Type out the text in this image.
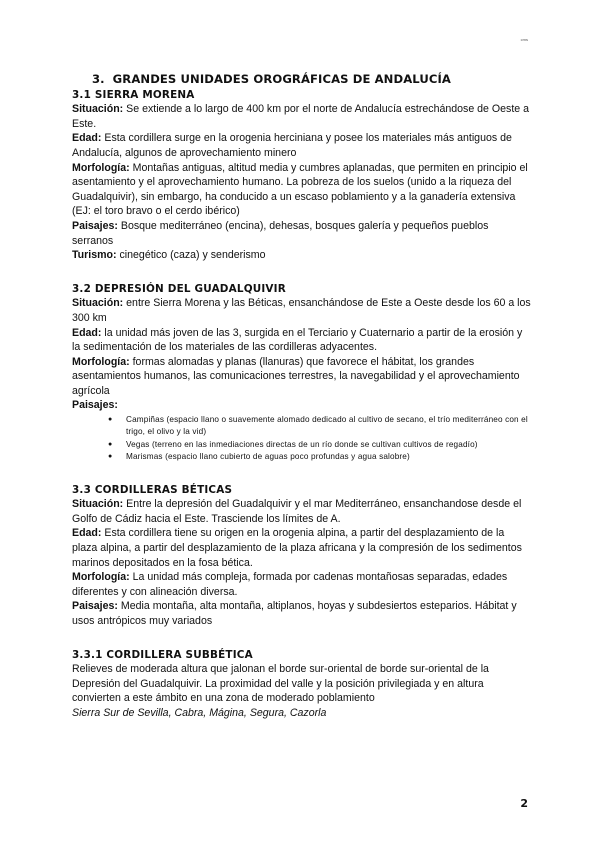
cms
3. GRANDES UNIDADES OROGRÁFICAS DE ANDALUCÍA
3.1 SIERRA MORENA

Situación: Se extiende a lo largo de 400 km por el norte de Andalucía estrechándose de Oeste a Este.

Edad: Esta cordillera surge en la orogenia herciniana y posee los materiales más antiguos de Andalucía, algunos de aprovechamiento minero

Morfología: Montañas antiguas, altitud media y cumbres aplanadas, que permiten en principio el asentamiento y el aprovechamiento humano. La pobreza de los suelos (unido a la riqueza del Guadalquivir), sin embargo, ha conducido a un escaso poblamiento y a la ganadería extensiva (EJ: el toro bravo o el cerdo ibérico)

Paisajes: Bosque mediterráneo (encina), dehesas, bosques galería y pequeños pueblos serranos

Turismo: cinegético (caza) y senderismo

3.2 DEPRESIÓN DEL GUADALQUIVIR

Situación: entre Sierra Morena y las Béticas, ensanchándose de Este a Oeste desde los 60 a los 300 km

Edad: la unidad más joven de las 3, surgida en el Terciario y Cuaternario a partir de la erosión y la sedimentación de los materiales de las cordilleras adyacentes.

Morfología: formas alomadas y planas (llanuras) que favorece el hábitat, los grandes asentamientos humanos, las comunicaciones terrestres, la navegabilidad y el aprovechamiento agrícola

Paisajes:

● Campiñas (espacio llano o suavemente alomado dedicado al cultivo de secano, el trío mediterráneo con el trigo, el olivo y la vid)
● Vegas (terreno en las inmediaciones directas de un río donde se cultivan cultivos de regadío)
● Marismas (espacio llano cubierto de aguas poco profundas y agua salobre)
3.3 CORDILLERAS BÉTICAS

Situación: Entre la depresión del Guadalquivir y el mar Mediterráneo, ensanchandose desde el Golfo de Cádiz hacia el Este. Trasciende los límites de A.

Edad: Esta cordillera tiene su origen en la orogenia alpina, a partir del desplazamiento de la plaza alpina, a partir del desplazamiento de la plaza africana y la compresión de los sedimentos marinos depositados en la fosa bética.

Morfología: La unidad más compleja, formada por cadenas montañosas separadas, edades diferentes y con alineación diversa.

Paisajes: Media montaña, alta montaña, altiplanos, hoyas y subdesiertos esteparios. Hábitat y usos antrópicos muy variados

3.3.1 CORDILLERA SUBBÉTICA

Relieves de moderada altura que jalonan el borde sur-oriental de borde sur-oriental de la Depresión del Guadalquivir. La proximidad del valle y la posición privilegiada y en altura convierten a este ámbito en una zona de moderado poblamiento

Sierra Sur de Sevilla, Cabra, Mágina, Segura, Cazorla

2
